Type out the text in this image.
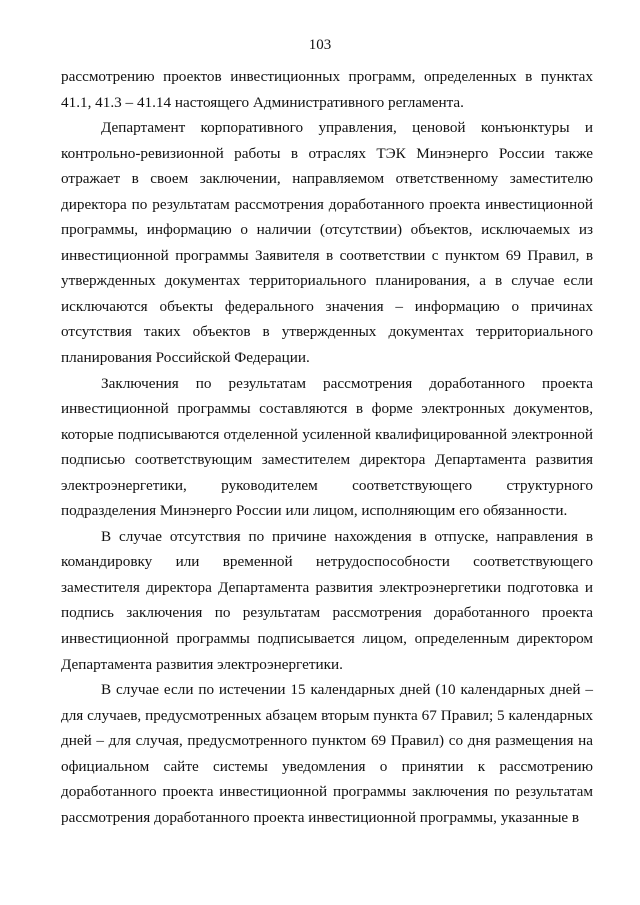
103

рассмотрению проектов инвестиционных программ, определенных в пунктах 41.1, 41.3 – 41.14 настоящего Административного регламента.

Департамент корпоративного управления, ценовой конъюнктуры и контрольно-ревизионной работы в отраслях ТЭК Минэнерго России также отражает в своем заключении, направляемом ответственному заместителю директора по результатам рассмотрения доработанного проекта инвестиционной программы, информацию о наличии (отсутствии) объектов, исключаемых из инвестиционной программы Заявителя в соответствии с пунктом 69 Правил, в утвержденных документах территориального планирования, а в случае если исключаются объекты федерального значения – информацию о причинах отсутствия таких объектов в утвержденных документах территориального планирования Российской Федерации.

Заключения по результатам рассмотрения доработанного проекта инвестиционной программы составляются в форме электронных документов, которые подписываются отделенной усиленной квалифицированной электронной подписью соответствующим заместителем директора Департамента развития электроэнергетики, руководителем соответствующего структурного подразделения Минэнерго России или лицом, исполняющим его обязанности.

В случае отсутствия по причине нахождения в отпуске, направления в командировку или временной нетрудоспособности соответствующего заместителя директора Департамента развития электроэнергетики подготовка и подпись заключения по результатам рассмотрения доработанного проекта инвестиционной программы подписывается лицом, определенным директором Департамента развития электроэнергетики.

В случае если по истечении 15 календарных дней (10 календарных дней – для случаев, предусмотренных абзацем вторым пункта 67 Правил; 5 календарных дней – для случая, предусмотренного пунктом 69 Правил) со дня размещения на официальном сайте системы уведомления о принятии к рассмотрению доработанного проекта инвестиционной программы заключения по результатам рассмотрения доработанного проекта инвестиционной программы, указанные в
